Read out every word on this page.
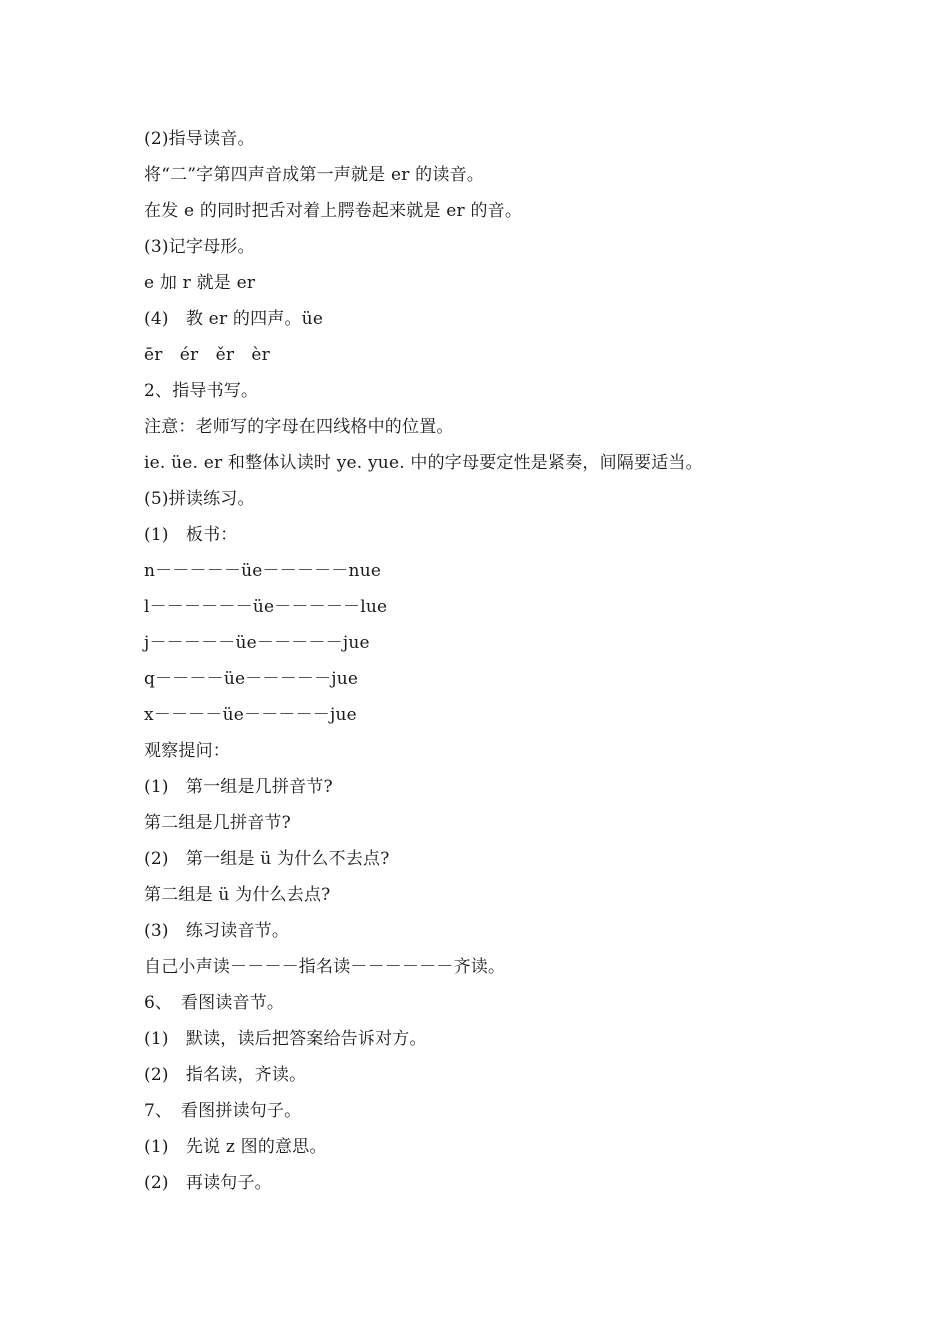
(2)指导读音。
将“二”字第四声音成第一声就是 er 的读音。
在发 e 的同时把舌对着上腭卷起来就是 er 的音。
(3)记字母形。
e 加 r 就是 er
(4)　教 er 的四声。üe
ēr　ér　ěr　èr
2、指导书写。
注意：老师写的字母在四线格中的位置。
ie. üe. er 和整体认读时 ye. yue. 中的字母要定性是紧奏，间隔要适当。
(5)拼读练习。
(1)　板书：
n－－－－－üe－－－－－nue
l－－－－－－üe－－－－－lue
j－－－－－üe－－－－－jue
q－－－－üe－－－－－jue
x－－－－üe－－－－－jue
观察提问：
(1)　第一组是几拼音节?
第二组是几拼音节?
(2)　第一组是 ü 为什么不去点?
第二组是 ü 为什么去点?
(3)　练习读音节。
自己小声读－－－－指名读－－－－－－齐读。
6、　看图读音节。
(1)　默读，读后把答案给告诉对方。
(2)　指名读，齐读。
7、　看图拼读句子。
(1)　先说 z 图的意思。
(2)　再读句子。
